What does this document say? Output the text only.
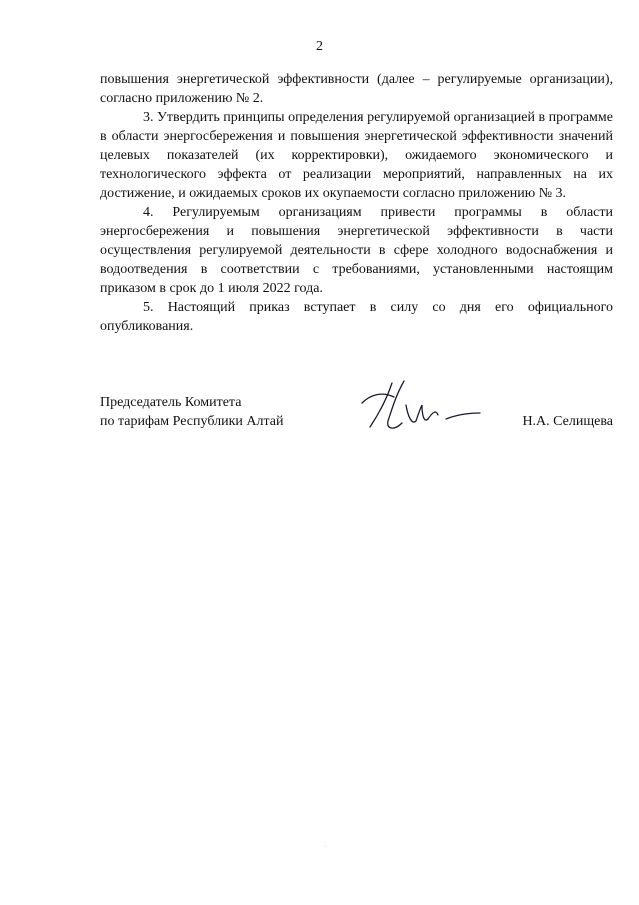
2

повышения энергетической эффективности (далее – регулируемые организации), согласно приложению № 2.

3. Утвердить принципы определения регулируемой организацией в программе в области энергосбережения и повышения энергетической эффективности значений целевых показателей (их корректировки), ожидаемого экономического и технологического эффекта от реализации мероприятий, направленных на их достижение, и ожидаемых сроков их окупаемости согласно приложению № 3.

4. Регулируемым организациям привести программы в области энергосбережения и повышения энергетической эффективности в части осуществления регулируемой деятельности в сфере холодного водоснабжения и водоотведения в соответствии с требованиями, установленными настоящим приказом в срок до 1 июля 2022 года.

5. Настоящий приказ вступает в силу со дня его официального опубликования.

Председатель Комитета
по тарифам Республики Алтай	Н.А. Селищева
